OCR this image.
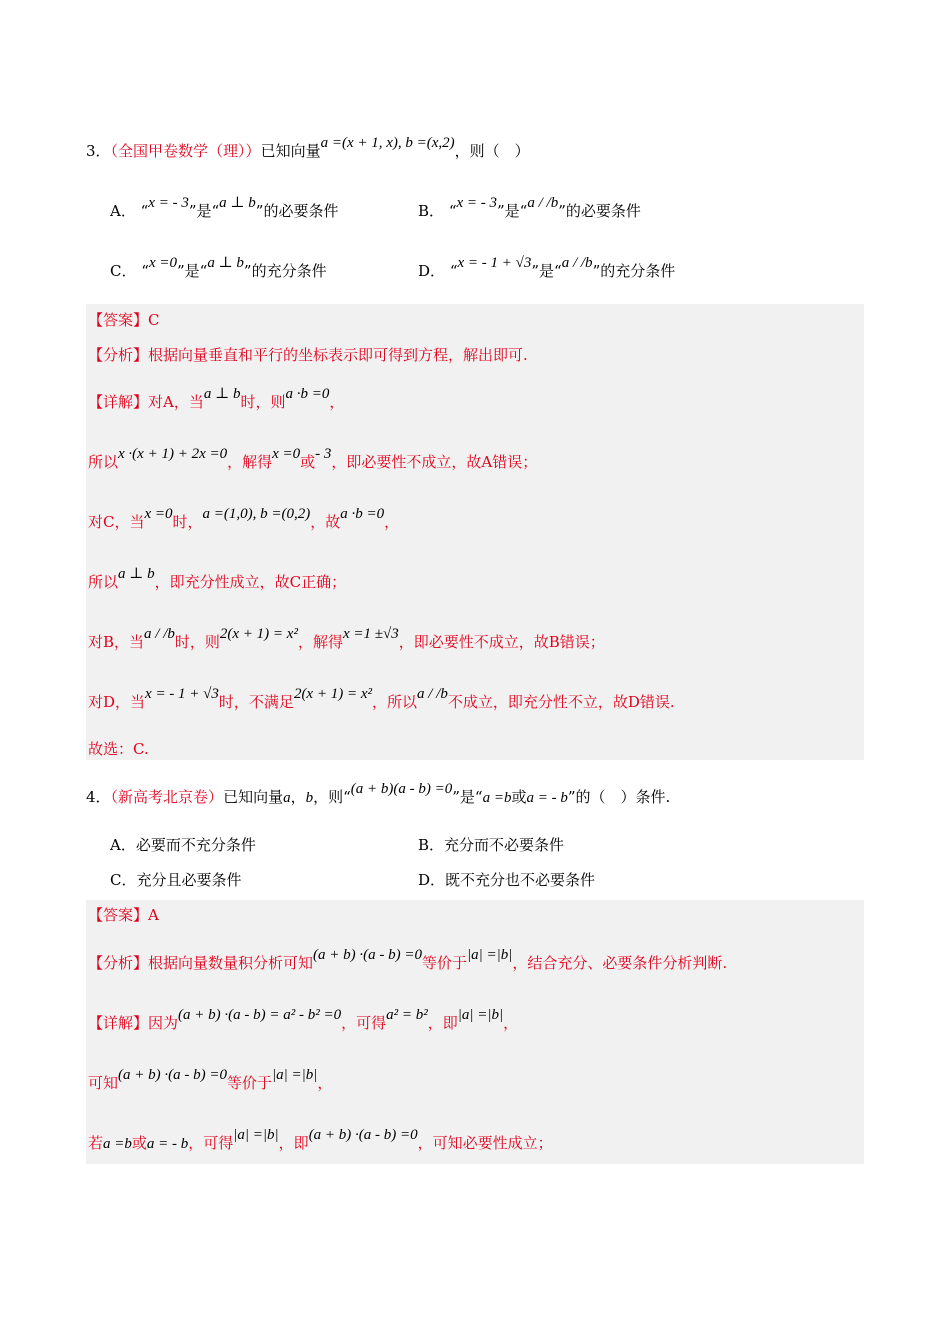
3．（全国甲卷数学（理））已知向量a =(x + 1, x), b =(x,2)，则（　）
A． “x = - 3”是“a ⊥ b”的必要条件	B． “x = - 3”是“a / /b”的必要条件
C． “x =0”是“a ⊥ b”的充分条件	D． “x = - 1 + √3”是“a / /b”的充分条件
【答案】C
【分析】根据向量垂直和平行的坐标表示即可得到方程，解出即可.
【详解】对A，当a ⊥ b时，则a ·b =0，
所以x ·(x + 1) + 2x =0，解得x =0或- 3，即必要性不成立，故A错误；
对C，当x =0时，a =(1,0), b =(0,2)，故a ·b =0，
所以a ⊥ b，即充分性成立，故C正确；
对B，当a / /b时，则2(x + 1) = x²，解得x =1 ±√3，即必要性不成立，故B错误；
对D，当x = - 1 + √3时，不满足2(x + 1) = x²，所以a / /b不成立，即充分性不立，故D错误.
故选：C.
4．（新高考北京卷）已知向量a，b，则“(a + b)(a - b) =0”是“a =b或a = - b”的（　）条件.
A．必要而不充分条件	B．充分而不必要条件
C．充分且必要条件	D．既不充分也不必要条件
【答案】A
【分析】根据向量数量积分析可知(a + b) ·(a - b) =0等价于|a| =|b|，结合充分、必要条件分析判断.
【详解】因为(a + b) ·(a - b) = a² - b² =0，可得a² = b²，即|a| =|b|，
可知(a + b) ·(a - b) =0等价于|a| =|b|，
若a =b或a = - b，可得|a| =|b|，即(a + b) ·(a - b) =0，可知必要性成立；
